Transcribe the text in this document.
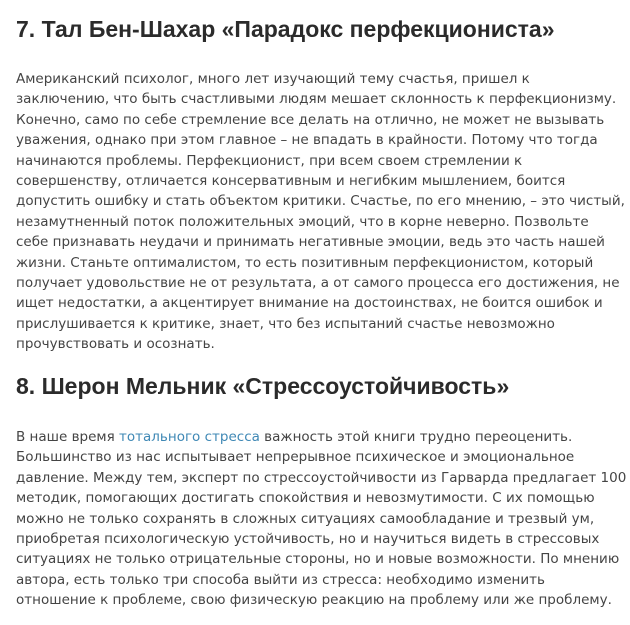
7. Тал Бен-Шахар «Парадокс перфекциониста»
Американский психолог, много лет изучающий тему счастья, пришел к
заключению, что быть счастливыми людям мешает склонность к перфекционизму.
Конечно, само по себе стремление все делать на отлично, не может не вызывать
уважения, однако при этом главное – не впадать в крайности. Потому что тогда
начинаются проблемы. Перфекционист, при всем своем стремлении к
совершенству, отличается консервативным и негибким мышлением, боится
допустить ошибку и стать объектом критики. Счастье, по его мнению, – это чистый,
незамутненный поток положительных эмоций, что в корне неверно. Позвольте
себе признавать неудачи и принимать негативные эмоции, ведь это часть нашей
жизни. Станьте оптималистом, то есть позитивным перфекционистом, который
получает удовольствие не от результата, а от самого процесса его достижения, не
ищет недостатки, а акцентирует внимание на достоинствах, не боится ошибок и
прислушивается к критике, знает, что без испытаний счастье невозможно
прочувствовать и осознать.
8. Шерон Мельник «Стрессоустойчивость»
В наше время тотального стресса важность этой книги трудно переоценить.
Большинство из нас испытывает непрерывное психическое и эмоциональное
давление. Между тем, эксперт по стрессоустойчивости из Гарварда предлагает 100
методик, помогающих достигать спокойствия и невозмутимости. С их помощью
можно не только сохранять в сложных ситуациях самообладание и трезвый ум,
приобретая психологическую устойчивость, но и научиться видеть в стрессовых
ситуациях не только отрицательные стороны, но и новые возможности. По мнению
автора, есть только три способа выйти из стресса: необходимо изменить
отношение к проблеме, свою физическую реакцию на проблему или же проблему.
